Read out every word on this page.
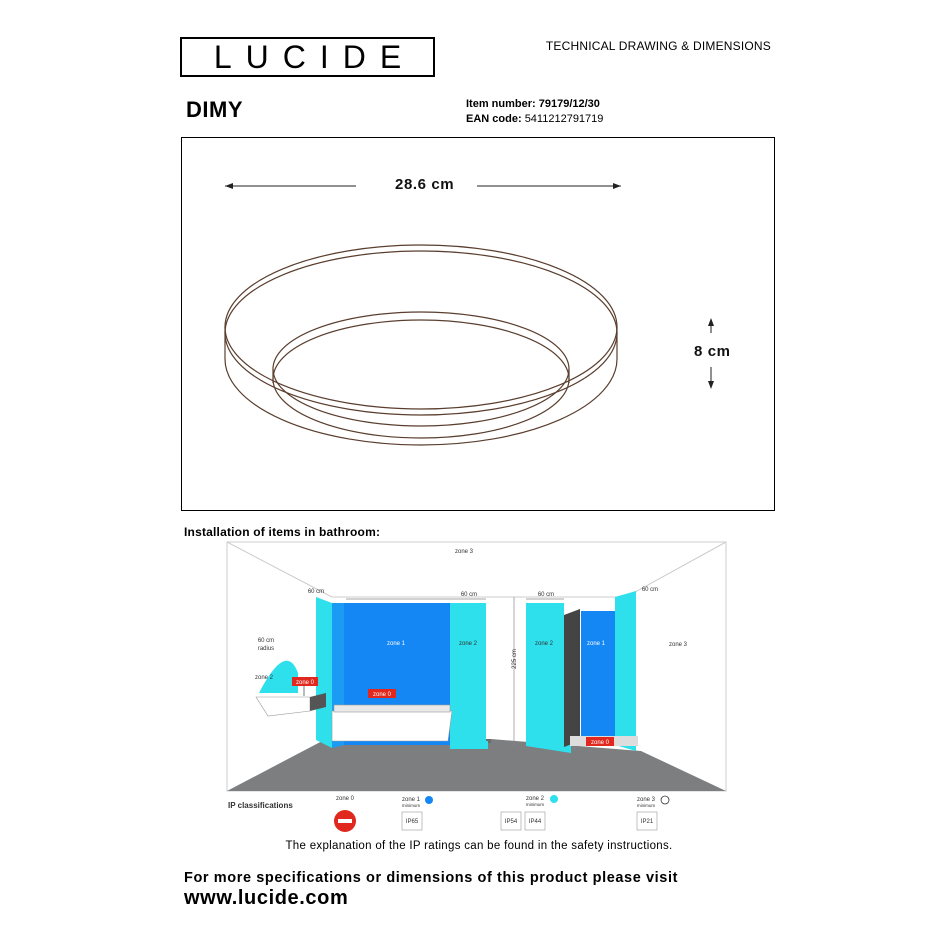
LUCIDE	TECHNICAL DRAWING & DIMENSIONS
DIMY	Item number: 79179/12/30
EAN code: 5411212791719
28.6 cm
8 cm
Installation of items in bathroom:
zone 3
zone 3
60 cm	60 cm	60 cm
60 cm
60 cm
radius
zone 2
zone 0
zone 1	zone 2
zone 0
225 cm
zone 2	zone 1
zone 0
IP classifications
zone 0	zone 1
minimum
IP65
zone 2
minimum
IP54 IP44
zone 3
minimum
IP21
The explanation of the IP ratings can be found in the safety instructions.
For more specifications or dimensions of this product please visit
www.lucide.com
